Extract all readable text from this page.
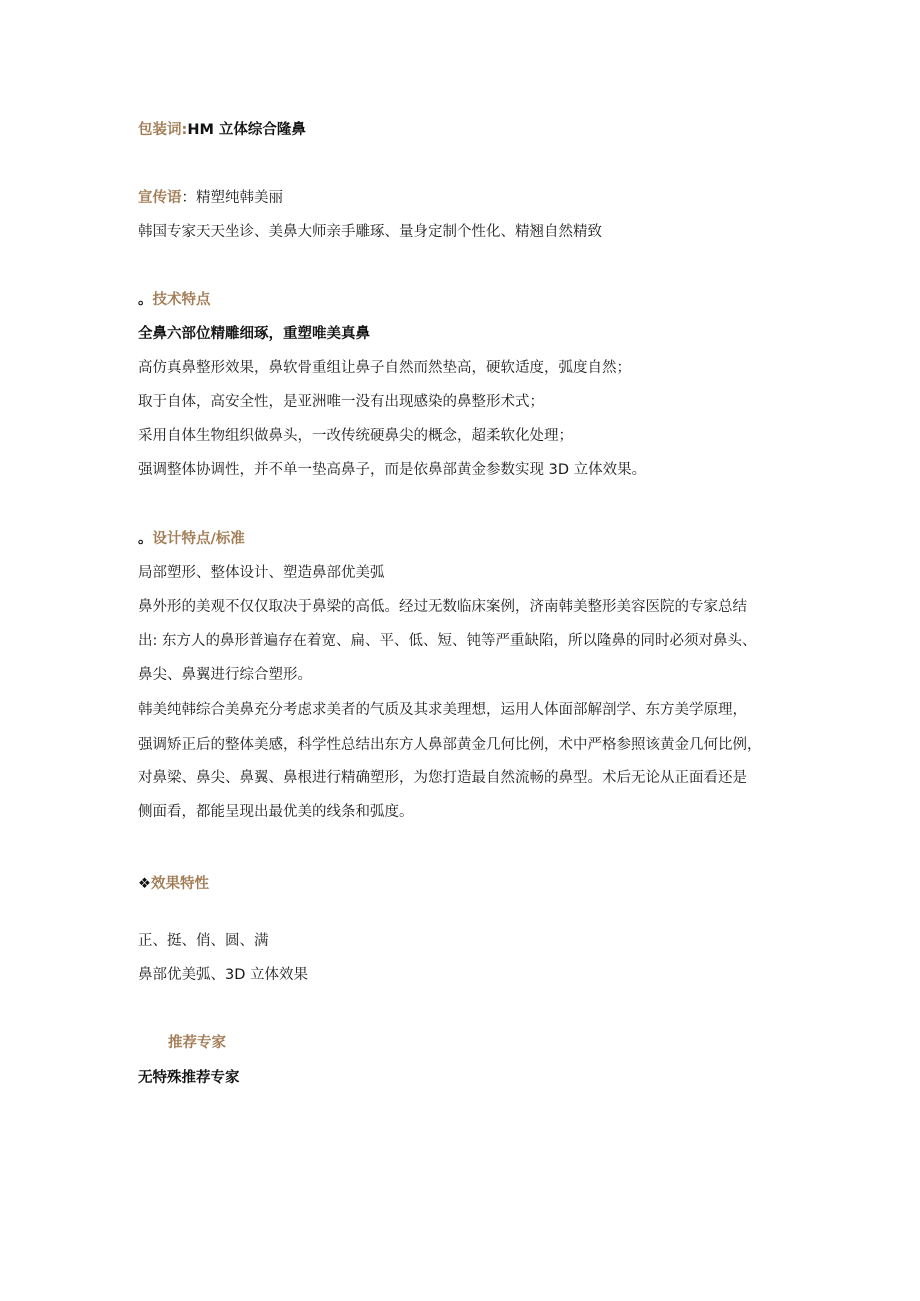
包装词:HM 立体综合隆鼻
宣传语：精塑纯韩美丽
韩国专家天天坐诊、美鼻大师亲手雕琢、量身定制个性化、精翘自然精致
。技术特点
全鼻六部位精雕细琢，重塑唯美真鼻
高仿真鼻整形效果，鼻软骨重组让鼻子自然而然垫高，硬软适度，弧度自然；
取于自体，高安全性，是亚洲唯一没有出现感染的鼻整形术式；
采用自体生物组织做鼻头，一改传统硬鼻尖的概念，超柔软化处理；
强调整体协调性，并不单一垫高鼻子，而是依鼻部黄金参数实现 3D 立体效果。
。设计特点/标准
局部塑形、整体设计、塑造鼻部优美弧
鼻外形的美观不仅仅取决于鼻梁的高低。经过无数临床案例，济南韩美整形美容医院的专家总结
出: 东方人的鼻形普遍存在着宽、扁、平、低、短、钝等严重缺陷，所以隆鼻的同时必须对鼻头、
鼻尖、鼻翼进行综合塑形。
韩美纯韩综合美鼻充分考虑求美者的气质及其求美理想，运用人体面部解剖学、东方美学原理，
强调矫正后的整体美感，科学性总结出东方人鼻部黄金几何比例，术中严格参照该黄金几何比例，
对鼻梁、鼻尖、鼻翼、鼻根进行精确塑形，为您打造最自然流畅的鼻型。术后无论从正面看还是
侧面看，都能呈现出最优美的线条和弧度。
❖效果特性
正、挺、俏、圆、满
鼻部优美弧、3D 立体效果
推荐专家
无特殊推荐专家
